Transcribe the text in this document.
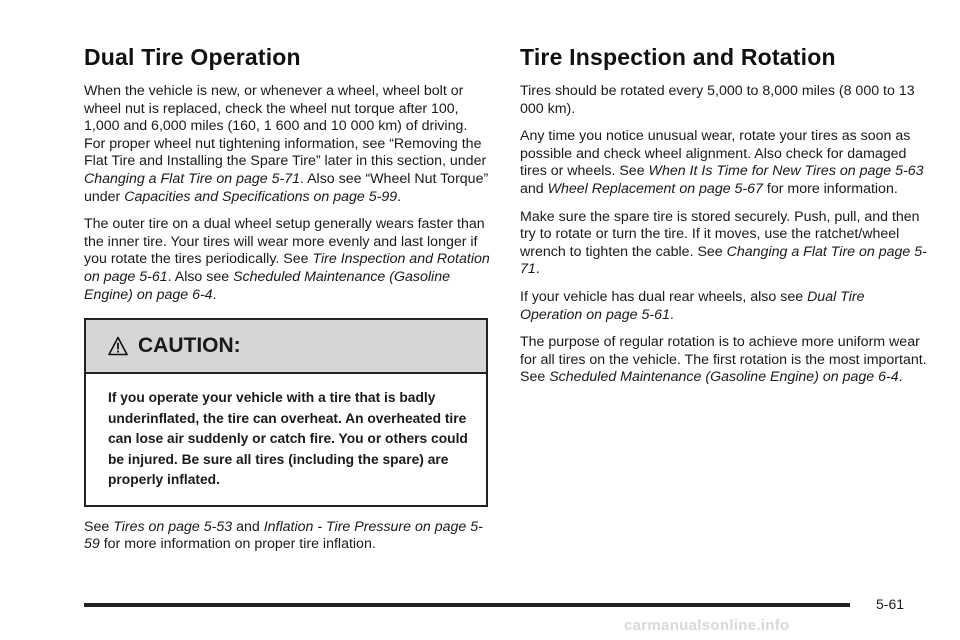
Dual Tire Operation

When the vehicle is new, or whenever a wheel, wheel bolt or wheel nut is replaced, check the wheel nut torque after 100, 1,000 and 6,000 miles (160, 1 600 and 10 000 km) of driving. For proper wheel nut tightening information, see “Removing the Flat Tire and Installing the Spare Tire” later in this section, under Changing a Flat Tire on page 5-71. Also see “Wheel Nut Torque” under Capacities and Specifications on page 5-99.

The outer tire on a dual wheel setup generally wears faster than the inner tire. Your tires will wear more evenly and last longer if you rotate the tires periodically. See Tire Inspection and Rotation on page 5-61. Also see Scheduled Maintenance (Gasoline Engine) on page 6-4.

CAUTION:
If you operate your vehicle with a tire that is badly underinflated, the tire can overheat. An overheated tire can lose air suddenly or catch fire. You or others could be injured. Be sure all tires (including the spare) are properly inflated.

See Tires on page 5-53 and Inflation - Tire Pressure on page 5-59 for more information on proper tire inflation.

Tire Inspection and Rotation

Tires should be rotated every 5,000 to 8,000 miles (8 000 to 13 000 km).

Any time you notice unusual wear, rotate your tires as soon as possible and check wheel alignment. Also check for damaged tires or wheels. See When It Is Time for New Tires on page 5-63 and Wheel Replacement on page 5-67 for more information.

Make sure the spare tire is stored securely. Push, pull, and then try to rotate or turn the tire. If it moves, use the ratchet/wheel wrench to tighten the cable. See Changing a Flat Tire on page 5-71.

If your vehicle has dual rear wheels, also see Dual Tire Operation on page 5-61.

The purpose of regular rotation is to achieve more uniform wear for all tires on the vehicle. The first rotation is the most important. See Scheduled Maintenance (Gasoline Engine) on page 6-4.

5-61
carmanualsonline.info
